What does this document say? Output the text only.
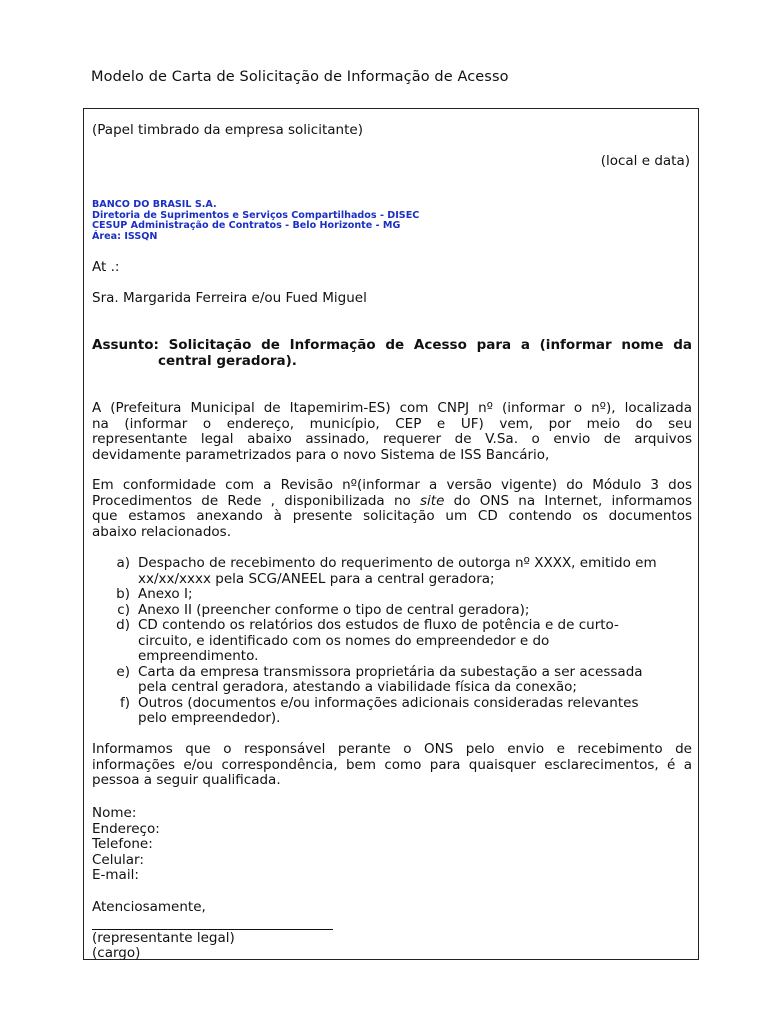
Modelo de Carta de Solicitação de Informação de Acesso
(Papel timbrado da empresa solicitante)
(local e data)
BANCO DO BRASIL S.A.
Diretoria de Suprimentos e Serviços Compartilhados - DISEC
CESUP Administração de Contratos - Belo Horizonte - MG
Área: ISSQN
At .:
Sra. Margarida Ferreira e/ou Fued Miguel
Assunto: Solicitação de Informação de Acesso para a (informar nome da
central geradora).
A (Prefeitura Municipal de Itapemirim-ES) com CNPJ nº (informar o nº), localizada
na (informar o endereço, município, CEP e UF) vem, por meio do seu
representante legal abaixo assinado, requerer de V.Sa. o envio de arquivos
devidamente parametrizados para o novo Sistema de ISS Bancário,
Em conformidade com a Revisão nº(informar a versão vigente) do Módulo 3 dos
Procedimentos de Rede , disponibilizada no site do ONS na Internet, informamos
que estamos anexando à presente solicitação um CD contendo os documentos
abaixo relacionados.
a) Despacho de recebimento do requerimento de outorga nº XXXX, emitido em
xx/xx/xxxx pela SCG/ANEEL para a central geradora;
b) Anexo I;
c) Anexo II (preencher conforme o tipo de central geradora);
d) CD contendo os relatórios dos estudos de fluxo de potência e de curto-
circuito, e identificado com os nomes do empreendedor e do
empreendimento.
e) Carta da empresa transmissora proprietária da subestação a ser acessada
pela central geradora, atestando a viabilidade física da conexão;
f) Outros (documentos e/ou informações adicionais consideradas relevantes
pelo empreendedor).
Informamos que o responsável perante o ONS pelo envio e recebimento de
informações e/ou correspondência, bem como para quaisquer esclarecimentos, é a
pessoa a seguir qualificada.
Nome:
Endereço:
Telefone:
Celular:
E-mail:
Atenciosamente,
(representante legal)
(cargo)
